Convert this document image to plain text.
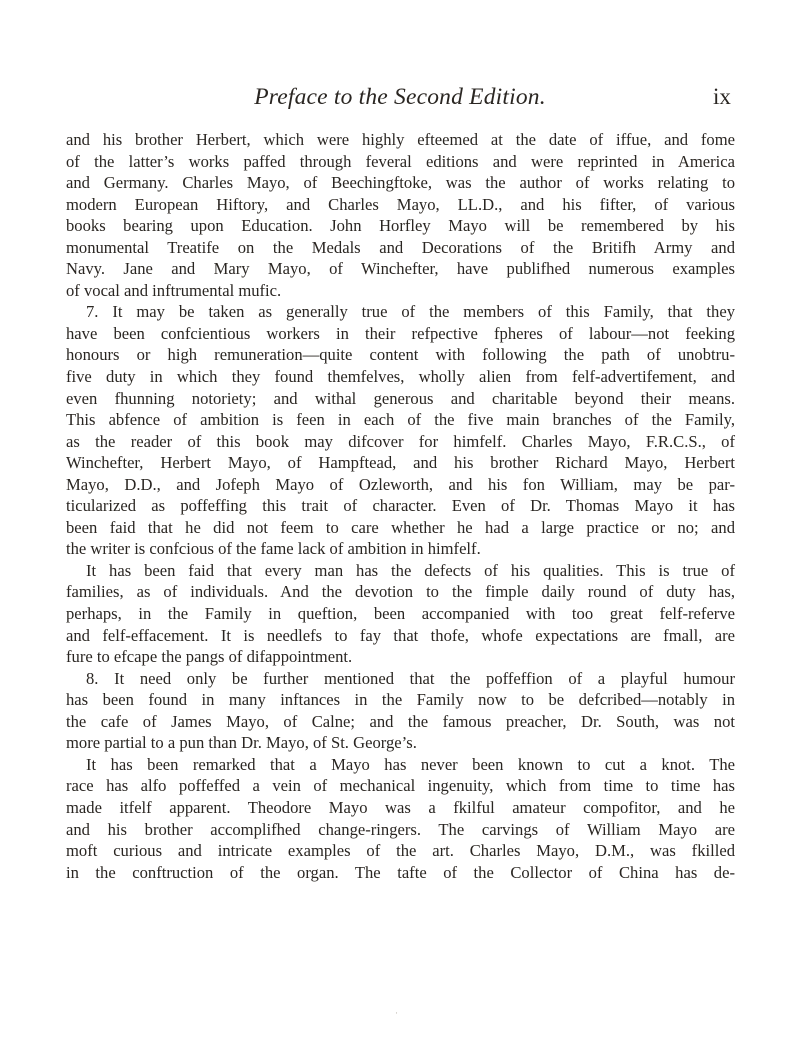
Preface to the Second Edition.	ix

and his brother Herbert, which were highly efteemed at the date of iffue, and fome
of the latter’s works paffed through feveral editions and were reprinted in America
and Germany. Charles Mayo, of Beechingftoke, was the author of works relating to
modern European Hiftory, and Charles Mayo, LL.D., and his fifter, of various
books bearing upon Education. John Horfley Mayo will be remembered by his
monumental Treatife on the Medals and Decorations of the Britifh Army and
Navy. Jane and Mary Mayo, of Winchefter, have publifhed numerous examples
of vocal and inftrumental mufic.

7. It may be taken as generally true of the members of this Family, that they
have been confcientious workers in their refpective fpheres of labour—not feeking
honours or high remuneration—quite content with following the path of unobtru-
five duty in which they found themfelves, wholly alien from felf-advertifement, and
even fhunning notoriety; and withal generous and charitable beyond their means.
This abfence of ambition is feen in each of the five main branches of the Family,
as the reader of this book may difcover for himfelf. Charles Mayo, F.R.C.S., of
Winchefter, Herbert Mayo, of Hampftead, and his brother Richard Mayo, Herbert
Mayo, D.D., and Jofeph Mayo of Ozleworth, and his fon William, may be par-
ticularized as poffeffing this trait of character. Even of Dr. Thomas Mayo it has
been faid that he did not feem to care whether he had a large practice or no; and
the writer is confcious of the fame lack of ambition in himfelf.

It has been faid that every man has the defects of his qualities. This is true of
families, as of individuals. And the devotion to the fimple daily round of duty has,
perhaps, in the Family in queftion, been accompanied with too great felf-referve
and felf-effacement. It is needlefs to fay that thofe, whofe expectations are fmall, are
fure to efcape the pangs of difappointment.

8. It need only be further mentioned that the poffeffion of a playful humour
has been found in many inftances in the Family now to be defcribed—notably in
the cafe of James Mayo, of Calne; and the famous preacher, Dr. South, was not
more partial to a pun than Dr. Mayo, of St. George’s.

It has been remarked that a Mayo has never been known to cut a knot. The
race has alfo poffeffed a vein of mechanical ingenuity, which from time to time has
made itfelf apparent. Theodore Mayo was a fkilful amateur compofitor, and he
and his brother accomplifhed change-ringers. The carvings of William Mayo are
moft curious and intricate examples of the art. Charles Mayo, D.M., was fkilled
in the conftruction of the organ. The tafte of the Collector of China has de-

·
